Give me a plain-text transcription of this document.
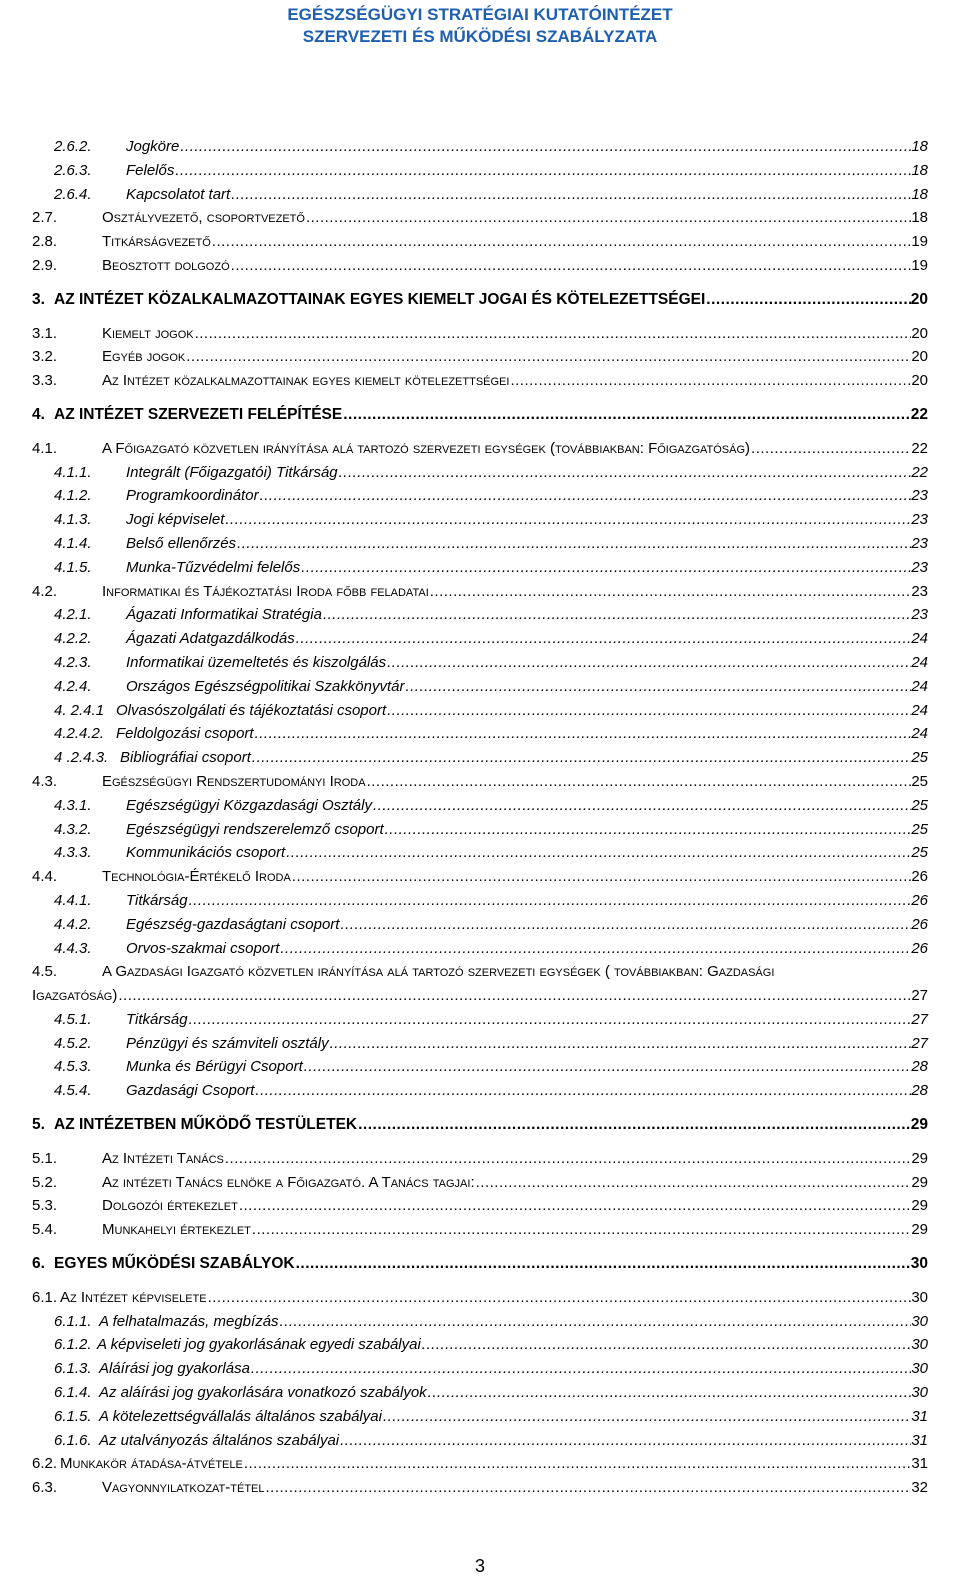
EGÉSZSÉGÜGYI STRATÉGIAI KUTATÓINTÉZET
SZERVEZETI ÉS MŰKÖDÉSI SZABÁLYZATA
2.6.2.	Jogköre .....	18
2.6.3.	Felelős .....	18
2.6.4.	Kapcsolatot tart .....	18
2.7.	Osztályvezető, csoportvezető .....	18
2.8.	Titkárságvezető .....	19
2.9.	Beosztott dolgozó .....	19
3. AZ INTÉZET KÖZALKALMAZOTTAINAK EGYES KIEMELT JOGAI ÉS KÖTELEZETTSÉGEI .....	20
3.1.	Kiemelt jogok .....	20
3.2.	Egyéb jogok .....	20
3.3.	Az Intézet közalkalmazottainak egyes kiemelt kötelezettségei .....	20
4. AZ INTÉZET SZERVEZETI FELÉPÍTÉSE .....	22
4.1.	A Főigazgató közvetlen irányítása alá tartozó szervezeti egységek (továbbiakban: Főigazgatóság) .....	22
4.1.1.	Integrált (Főigazgatói) Titkárság .....	22
4.1.2.	Programkoordinátor .....	23
4.1.3.	Jogi képviselet .....	23
4.1.4.	Belső ellenőrzés .....	23
4.1.5.	Munka-Tűzvédelmi felelős .....	23
4.2.	Informatikai és Tájékoztatási Iroda főbb feladatai .....	23
4.2.1.	Ágazati Informatikai Stratégia .....	23
4.2.2.	Ágazati Adatgazdálkodás .....	24
4.2.3.	Informatikai üzemeltetés és kiszolgálás .....	24
4.2.4.	Országos Egészségpolitikai Szakkönyvtár .....	24
4. 2.4.1 Olvasószolgálati és tájékoztatási csoport .....	24
4.2.4.2. Feldolgozási csoport .....	24
4 .2.4.3. Bibliográfiai csoport .....	25
4.3.	Egészségügyi Rendszertudományi Iroda .....	25
4.3.1.	Egészségügyi Közgazdasági Osztály .....	25
4.3.2.	Egészségügyi rendszerelemző csoport .....	25
4.3.3.	Kommunikációs csoport .....	25
4.4.	Technológia-Értékelő Iroda .....	26
4.4.1.	Titkárság .....	26
4.4.2.	Egészség-gazdaságtani csoport .....	26
4.4.3.	Orvos-szakmai csoport .....	26
4.5.	A Gazdasági Igazgató közvetlen irányítása alá tartozó szervezeti egységek ( továbbiakban: Gazdasági
Igazgatóság) .....	27
4.5.1.	Titkárság .....	27
4.5.2.	Pénzügyi és számviteli osztály .....	27
4.5.3.	Munka és Bérügyi Csoport .....	28
4.5.4.	Gazdasági Csoport .....	28
5. AZ INTÉZETBEN MŰKÖDŐ TESTÜLETEK .....	29
5.1.	Az Intézeti Tanács .....	29
5.2.	Az intézeti Tanács elnöke a Főigazgató. A Tanács tagjai: .....	29
5.3.	Dolgozói értekezlet .....	29
5.4.	Munkahelyi értekezlet .....	29
6. EGYES MŰKÖDÉSI SZABÁLYOK .....	30
6.1. Az Intézet képviselete .....	30
6.1.1. A felhatalmazás, megbízás .....	30
6.1.2. A képviseleti jog gyakorlásának egyedi szabályai .....	30
6.1.3. Aláírási jog gyakorlása .....	30
6.1.4. Az aláírási jog gyakorlására vonatkozó szabályok .....	30
6.1.5. A kötelezettségvállalás általános szabályai .....	31
6.1.6. Az utalványozás általános szabályai .....	31
6.2. Munkakör átadása-átvétele .....	31
6.3.	Vagyonnyilatkozat-tétel .....	32
3
